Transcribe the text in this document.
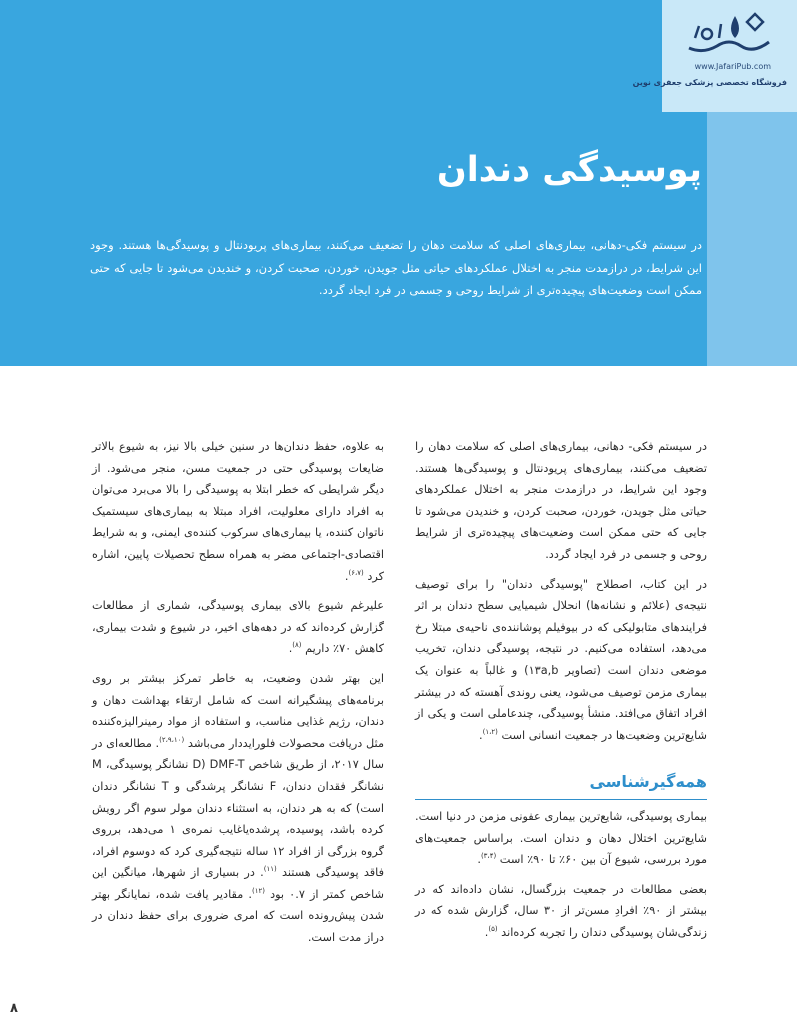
www.JafariPub.com
فروشگاه تخصصی پزشکی جعفری نوین
پوسیدگی دندان

در سیستم فکی-دهانی، بیماری‌های اصلی که سلامت دهان را تضعیف می‌کنند، بیماری‌های پریودنتال و پوسیدگی‌ها هستند. وجود این شرایط، در درازمدت منجر به اختلال عملکردهای حیاتی مثل جویدن، خوردن، صحبت کردن، و خندیدن می‌شود تا جایی که حتی ممکن است وضعیت‌های پیچیده‌تری از شرایط روحی و جسمی در فرد ایجاد گردد.

در سیستم فکی- دهانی، بیماری‌های اصلی که سلامت دهان را تضعیف می‌کنند، بیماری‌های پریودنتال و پوسیدگی‌ها هستند. وجود این شرایط، در درازمدت منجر به اختلال عملکردهای حیاتی مثل جویدن، خوردن، صحبت کردن، و خندیدن می‌شود تا جایی که حتی ممکن است وضعیت‌های پیچیده‌تری از شرایط روحی و جسمی در فرد ایجاد گردد.

در این کتاب، اصطلاح "پوسیدگی دندان" را برای توصیف نتیجه‌ی (علائم و نشانه‌ها) انحلال شیمیایی سطح دندان بر اثر فرایندهای متابولیکی که در بیوفیلم پوشاننده‌ی ناحیه‌ی مبتلا رخ می‌دهد، استفاده می‌کنیم. در نتیجه، پوسیدگی دندان، تخریب موضعی دندان است (تصاویر ۱۳a,b) و غالباً به عنوان یک بیماری مزمن توصیف می‌شود، یعنی روندی آهسته که در بیشتر افراد اتفاق می‌افتد. منشأ پوسیدگی، چندعاملی است و یکی از شایع‌ترین وضعیت‌ها در جمعیت انسانی است $^{(۱،۲)}$.

همه‌گیرشناسی

بیماری پوسیدگی، شایع‌ترین بیماری عفونی مزمن در دنیا است. شایع‌ترین اختلال دهان و دندان است. براساس جمعیت‌های مورد بررسی، شیوع آن بین ۶۰٪ تا ۹۰٪ است $^{(۳،۴)}$.

بعضی مطالعات در جمعیت بزرگسال، نشان داده‌اند که در بیشتر از ۹۰٪ افرادِ مسن‌تر از ۳۰ سال، گزارش شده که در زندگی‌شان پوسیدگی دندان را تجربه کرده‌اند $^{(۵)}$.

به علاوه، حفظ دندان‌ها در سنین خیلی بالا نیز، به شیوع بالاتر ضایعات پوسیدگی حتی در جمعیت مسن، منجر می‌شود. از دیگر شرایطی که خطر ابتلا به پوسیدگی را بالا می‌برد می‌توان به افراد دارای معلولیت، افراد مبتلا به بیماری‌های سیستمیک ناتوان کننده، یا بیماری‌های سرکوب کننده‌ی ایمنی، و به شرایط اقتصادی-اجتماعی مضر به همراه سطح تحصیلات پایین، اشاره کرد $^{(۶،۷)}$.

علیرغم شیوع بالای بیماری پوسیدگی، شماری از مطالعات گزارش کرده‌اند که در دهه‌های اخیر، در شیوع و شدت بیماری، کاهش ۷۰٪ داریم $^{(۸)}$.

این بهتر شدن وضعیت، به خاطر تمرکز بیشتر بر روی برنامه‌های پیشگیرانه است که شامل ارتقاء بهداشت دهان و دندان، رژیم غذایی مناسب، و استفاده از مواد رمینرالیزه‌کننده مثل دریافت محصولات فلورایددار می‌باشد $^{(۲،۹،۱۰)}$. مطالعه‌ای در سال ۲۰۱۷، از طریق شاخص DMF-T (D نشانگر پوسیدگی، M نشانگر فقدان دندان، F نشانگر پرشدگی و T نشانگر دندان است) که به هر دندان، به استثناء دندان مولر سوم اگر رویش کرده باشد، پوسیده، پرشده‌یاغایب نمره‌ی ۱ می‌دهد، برروی گروه بزرگی از افراد ۱۲ ساله نتیجه‌گیری کرد که دوسوم افراد، فاقد پوسیدگی هستند $^{(۱۱)}$. در بسیاری از شهرها، میانگین این شاخص کمتر از ۰.۷ بود $^{(۱۲)}$. مقادیر یافت شده، نمایانگر بهتر شدن پیش‌رونده است که امری ضروری برای حفظ دندان در دراز مدت است.

۸
